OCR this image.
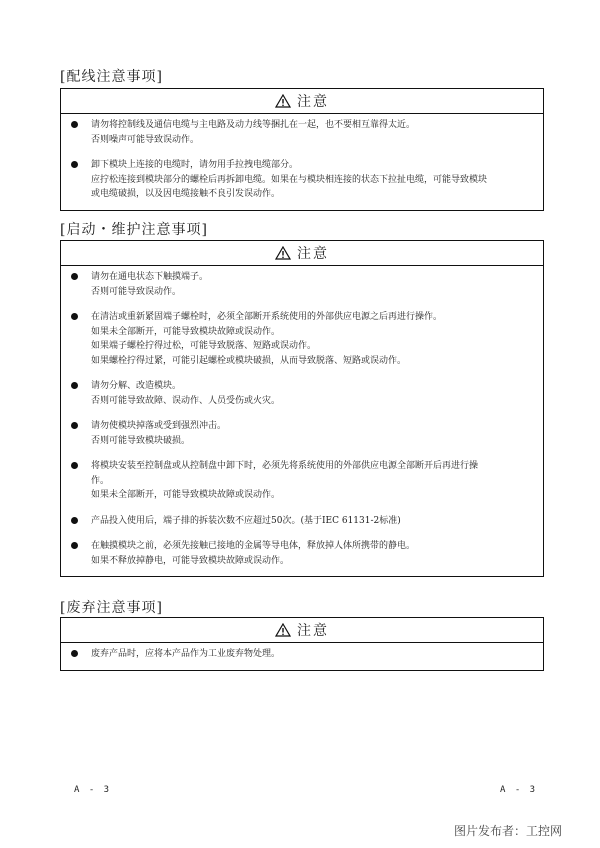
[配线注意事项]
注意
请勿将控制线及通信电缆与主电路及动力线等捆扎在一起，也不要相互靠得太近。
否则噪声可能导致误动作。
卸下模块上连接的电缆时，请勿用手拉拽电缆部分。
应拧松连接到模块部分的螺栓后再拆卸电缆。如果在与模块相连接的状态下拉扯电缆，可能导致模块
或电缆破损，以及因电缆接触不良引发误动作。
[启动・维护注意事项]
注意
请勿在通电状态下触摸端子。
否则可能导致误动作。
在清洁或重新紧固端子螺栓时，必须全部断开系统使用的外部供应电源之后再进行操作。
如果未全部断开，可能导致模块故障或误动作。
如果端子螺栓拧得过松，可能导致脱落、短路或误动作。
如果螺栓拧得过紧，可能引起螺栓或模块破损，从而导致脱落、短路或误动作。
请勿分解、改造模块。
否则可能导致故障、误动作、人员受伤或火灾。
请勿使模块掉落或受到强烈冲击。
否则可能导致模块破损。
将模块安装至控制盘或从控制盘中卸下时，必须先将系统使用的外部供应电源全部断开后再进行操
作。
如果未全部断开，可能导致模块故障或误动作。
产品投入使用后，端子排的拆装次数不应超过50次。(基于IEC 61131-2标准)
在触摸模块之前，必须先接触已接地的金属等导电体，释放掉人体所携带的静电。
如果不释放掉静电，可能导致模块故障或误动作。
[废弃注意事项]
注意
废弃产品时，应将本产品作为工业废弃物处理。
A - 3	A - 3
图片发布者：工控网
